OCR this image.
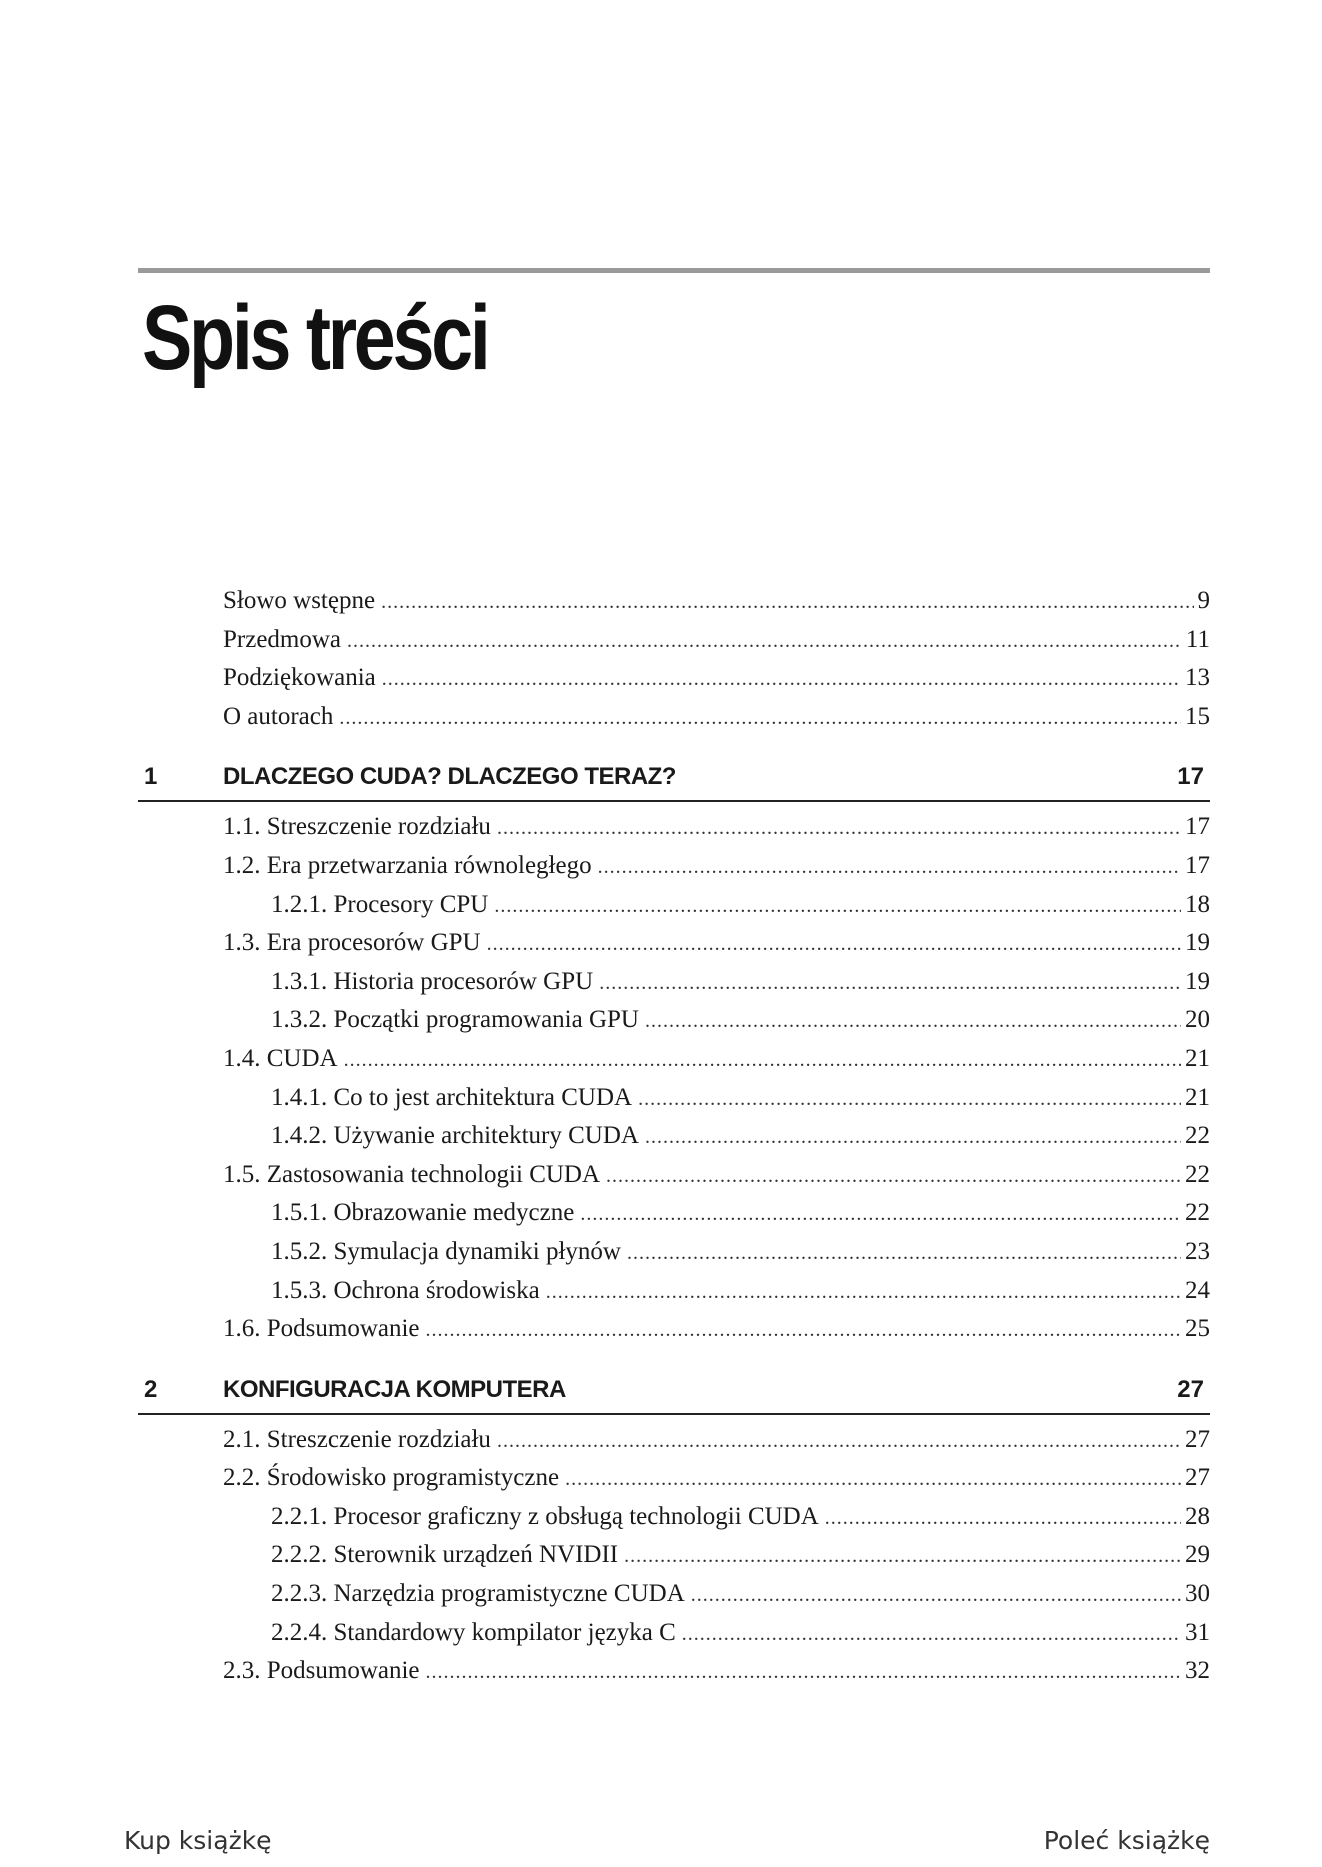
Spis treści
Słowo wstępne .....	9
Przedmowa .....	11
Podziękowania .....	13
O autorach .....	15
1	DLACZEGO CUDA? DLACZEGO TERAZ?	17
1.1. Streszczenie rozdziału .....	17
1.2. Era przetwarzania równoległego .....	17
1.2.1. Procesory CPU .....	18
1.3. Era procesorów GPU .....	19
1.3.1. Historia procesorów GPU .....	19
1.3.2. Początki programowania GPU .....	20
1.4. CUDA .....	21
1.4.1. Co to jest architektura CUDA .....	21
1.4.2. Używanie architektury CUDA .....	22
1.5. Zastosowania technologii CUDA .....	22
1.5.1. Obrazowanie medyczne .....	22
1.5.2. Symulacja dynamiki płynów .....	23
1.5.3. Ochrona środowiska .....	24
1.6. Podsumowanie .....	25
2	KONFIGURACJA KOMPUTERA	27
2.1. Streszczenie rozdziału .....	27
2.2. Środowisko programistyczne .....	27
2.2.1. Procesor graficzny z obsługą technologii CUDA .....	28
2.2.2. Sterownik urządzeń NVIDII .....	29
2.2.3. Narzędzia programistyczne CUDA .....	30
2.2.4. Standardowy kompilator języka C .....	31
2.3. Podsumowanie .....	32
Kup książkę	Poleć książkę
